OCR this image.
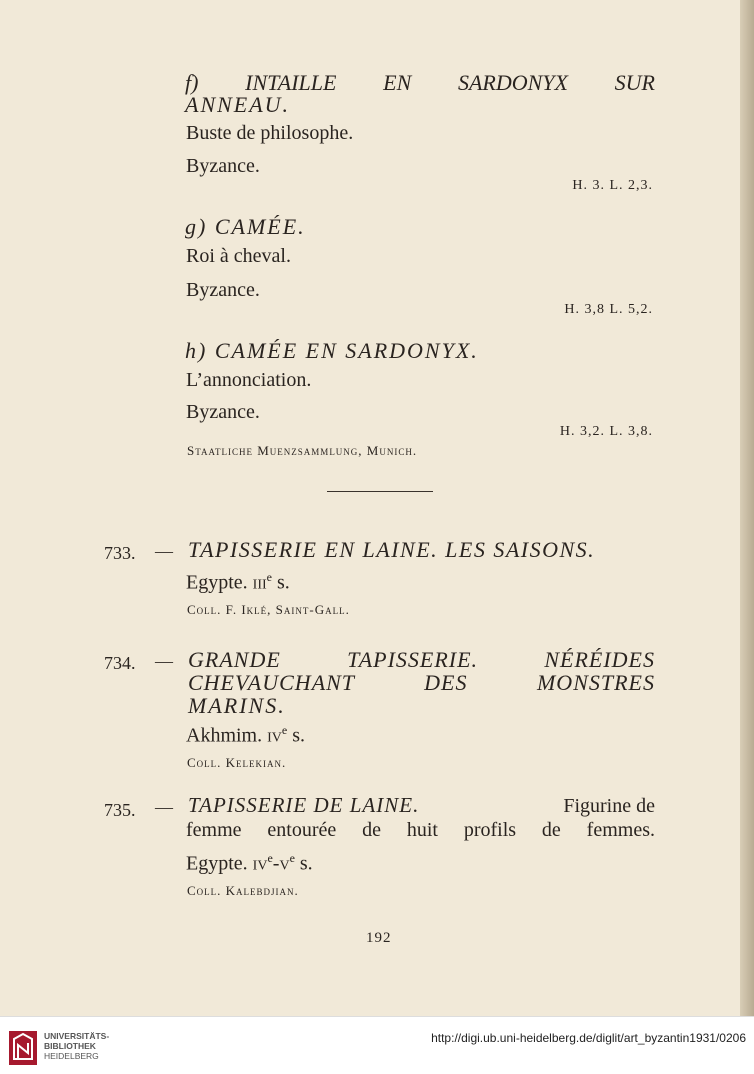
f) INTAILLE EN SARDONYX SUR
ANNEAU.
Buste de philosophe.
Byzance.
H. 3. L. 2,3.
g) CAMÉE.
Roi à cheval.
Byzance.
H. 3,8 L. 5,2.
h) CAMÉE EN SARDONYX.
L’annonciation.
Byzance.
H. 3,2. L. 3,8.
Staatliche Muenzsammlung, Munich.
733. — TAPISSERIE EN LAINE. LES SAISONS.
Egypte. iii$^e$ s.
Coll. F. Iklé, Saint-Gall.
734. — GRANDE TAPISSERIE. NÉRÉIDES
CHEVAUCHANT DES MONSTRES
MARINS.
Akhmim. $iv^e$ s.
Coll. Kelekian.
735. — TAPISSERIE DE LAINE.	Figurine de
femme entourée de huit profils de femmes.
Egypte. $iv^e-v^e$ s.
Coll. Kalebdjian.
192
UNIVERSITÄTS-
BIBLIOTHEK
HEIDELBERG
http://digi.ub.uni-heidelberg.de/diglit/art_byzantin1931/0206
